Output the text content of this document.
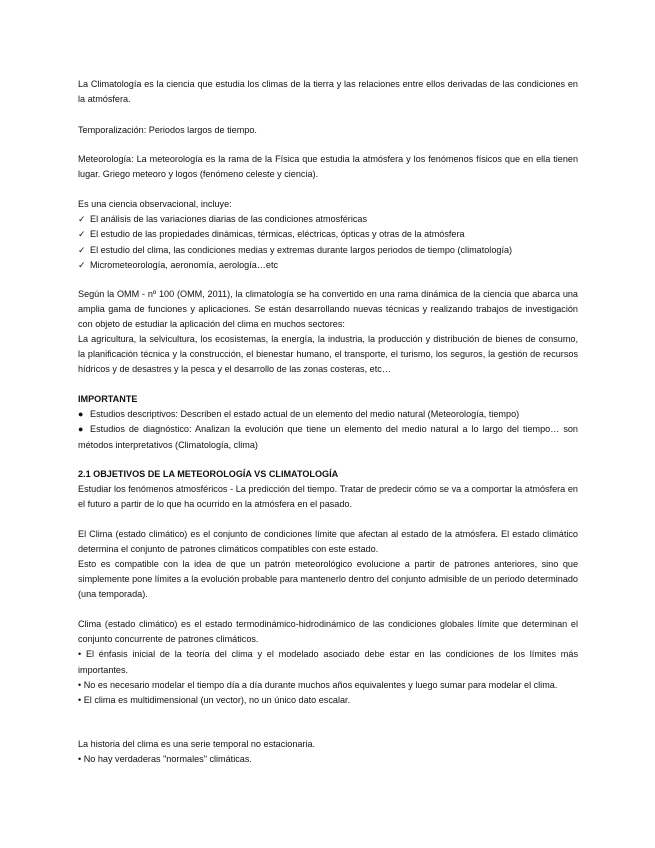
La Climatología es la ciencia que estudia los climas de la tierra y las relaciones entre ellos derivadas de las condiciones en la atmósfera.

Temporalización: Periodos largos de tiempo.

Meteorología: La meteorología es la rama de la Física que estudia la atmósfera y los fenómenos físicos que en ella tienen lugar. Griego meteoro y logos (fenómeno celeste y ciencia).

Es una ciencia observacional, incluye:

✓ El análisis de las variaciones diarias de las condiciones atmosféricas
✓ El estudio de las propiedades dinámicas, térmicas, eléctricas, ópticas y otras de la atmósfera
✓ El estudio del clima, las condiciones medias y extremas durante largos periodos de tiempo (climatología)
✓ Micrometeorología, aeronomía, aerología…etc

Según la OMM - nº 100 (OMM, 2011), la climatología se ha convertido en una rama dinámica de la ciencia que abarca una amplia gama de funciones y aplicaciones. Se están desarrollando nuevas técnicas y realizando trabajos de investigación con objeto de estudiar la aplicación del clima en muchos sectores:

La agricultura, la selvicultura, los ecosistemas, la energía, la industria, la producción y distribución de bienes de consumo, la planificación técnica y la construcción, el bienestar humano, el transporte, el turismo, los seguros, la gestión de recursos hídricos y de desastres y la pesca y el desarrollo de las zonas costeras, etc…

IMPORTANTE

● Estudios descriptivos: Describen el estado actual de un elemento del medio natural (Meteorología, tiempo)
● Estudios de diagnóstico: Analizan la evolución que tiene un elemento del medio natural a lo largo del tiempo… son métodos interpretativos (Climatología, clima)

2.1 OBJETIVOS DE LA METEOROLOGÍA VS CLIMATOLOGÍA

Estudiar los fenómenos atmosféricos - La predicción del tiempo. Tratar de predecir cómo se va a comportar la atmósfera en el futuro a partir de lo que ha ocurrido en la atmósfera en el pasado.

El Clima (estado climático) es el conjunto de condiciones límite que afectan al estado de la atmósfera. El estado climático determina el conjunto de patrones climáticos compatibles con este estado.

Esto es compatible con la idea de que un patrón meteorológico evolucione a partir de patrones anteriores, sino que simplemente pone límites a la evolución probable para mantenerlo dentro del conjunto admisible de un periodo determinado (una temporada).

Clima (estado climático) es el estado termodinámico-hidrodinámico de las condiciones globales límite que determinan el conjunto concurrente de patrones climáticos.

• El énfasis inicial de la teoría del clima y el modelado asociado debe estar en las condiciones de los límites más importantes.
• No es necesario modelar el tiempo día a día durante muchos años equivalentes y luego sumar para modelar el clima.
• El clima es multidimensional (un vector), no un único dato escalar.

La historia del clima es una serie temporal no estacionaria.

• No hay verdaderas "normales" climáticas.
